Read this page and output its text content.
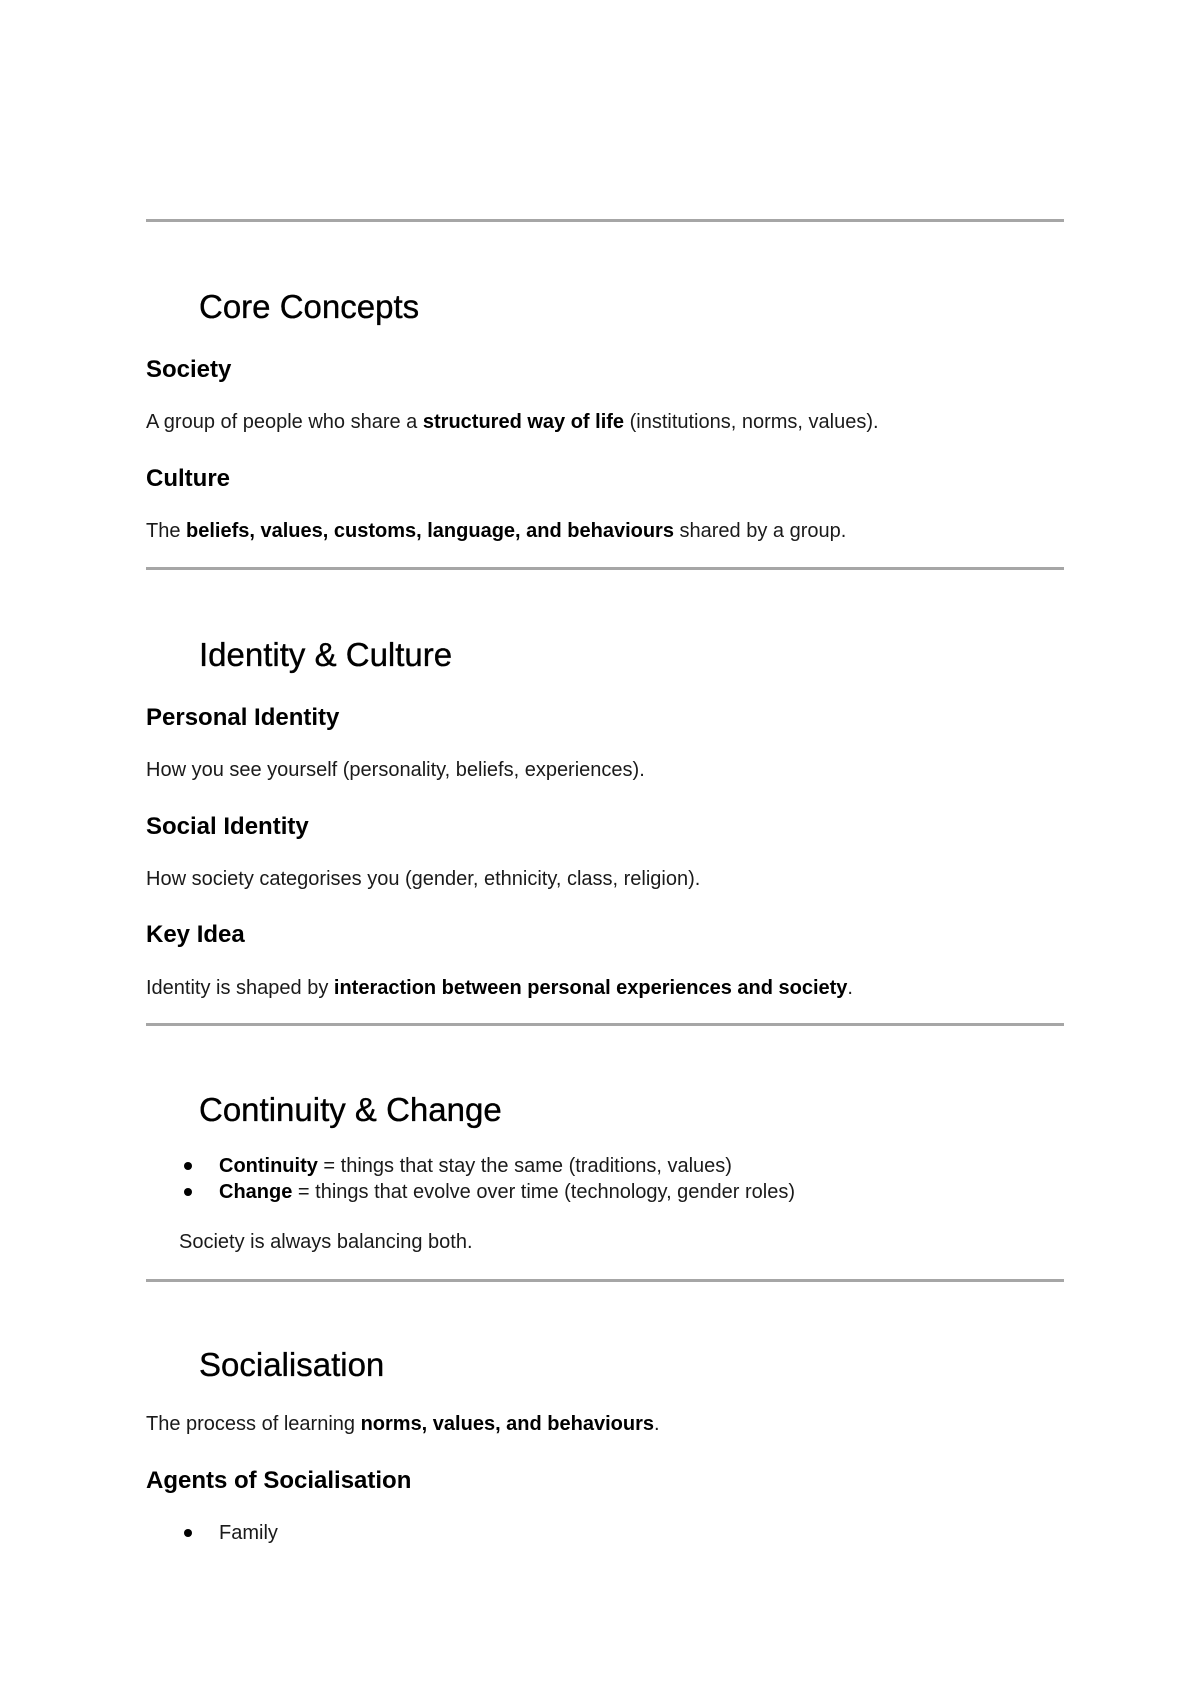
Core Concepts
Society

A group of people who share a structured way of life (institutions, norms, values).

Culture

The beliefs, values, customs, language, and behaviours shared by a group.

Identity & Culture
Personal Identity

How you see yourself (personality, beliefs, experiences).

Social Identity

How society categorises you (gender, ethnicity, class, religion).

Key Idea

Identity is shaped by interaction between personal experiences and society.

Continuity & Change

Continuity = things that stay the same (traditions, values)

Change = things that evolve over time (technology, gender roles)

Society is always balancing both.

Socialisation

The process of learning norms, values, and behaviours.

Agents of Socialisation

Family
